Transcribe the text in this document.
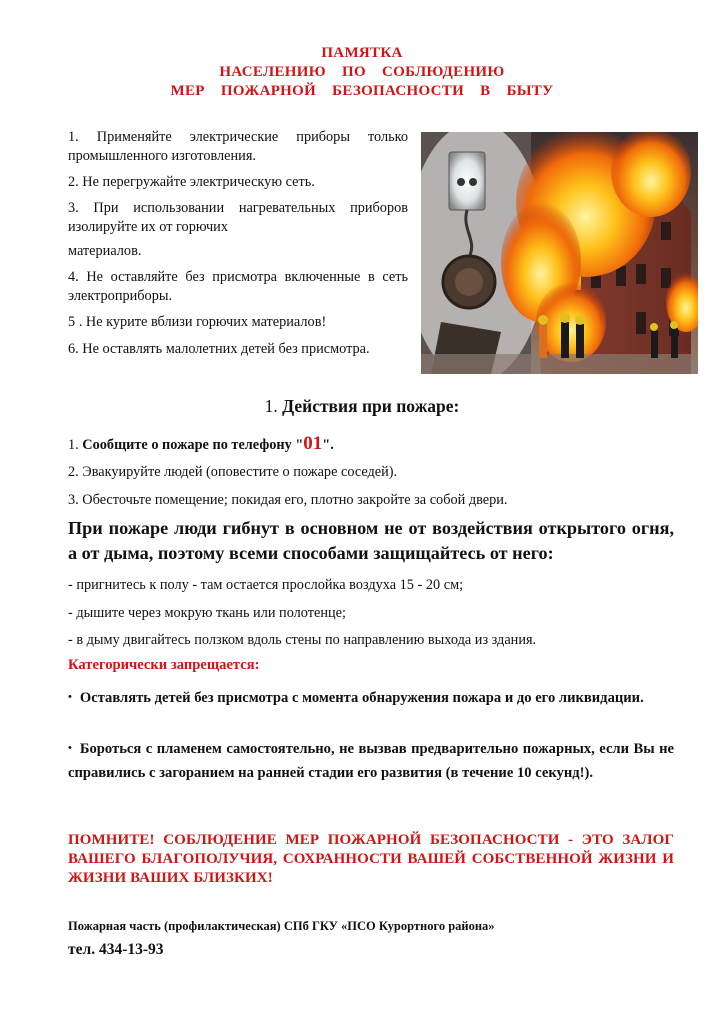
ПАМЯТКА
НАСЕЛЕНИЮ  ПО  СОБЛЮДЕНИЮ
МЕР  ПОЖАРНОЙ  БЕЗОПАСНОСТИ  В  БЫТУ

1. Применяйте электрические приборы только промышленного изготовления.

2. Не перегружайте электрическую сеть.

3. При использовании нагревательных приборов изолируйте их от горючих

материалов.

4. Не оставляйте без присмотра включенные в сеть электроприборы.

5 . Не курите вблизи горючих материалов!

6. Не оставлять малолетних детей без присмотра.

1. Действия при пожаре:
1. Сообщите о пожаре по телефону "01".
2. Эвакуируйте людей (оповестите о пожаре соседей).
3. Обесточьте помещение; покидая его, плотно закройте за собой двери.
При пожаре люди гибнут в основном не от воздействия открытого огня, а от дыма, поэтому всеми способами защищайтесь от него:
- пригнитесь к полу - там остается прослойка воздуха 15 - 20 см;
- дышите через мокрую ткань или полотенце;
- в дыму двигайтесь ползком вдоль стены по направлению выхода из здания.
Категорически запрещается:
• Оставлять детей без присмотра с момента обнаружения пожара и до его ликвидации.
• Бороться с пламенем самостоятельно, не вызвав предварительно пожарных, если Вы не справились с загоранием на ранней стадии его развития (в течение 10 секунд!).
ПОМНИТЕ! СОБЛЮДЕНИЕ МЕР ПОЖАРНОЙ БЕЗОПАСНОСТИ - ЭТО ЗАЛОГ ВАШЕГО БЛАГОПОЛУЧИЯ, СОХРАННОСТИ ВАШЕЙ СОБСТВЕННОЙ ЖИЗНИ И ЖИЗНИ ВАШИХ БЛИЗКИХ!
Пожарная часть (профилактическая) СПб ГКУ «ПСО Курортного района»
тел. 434-13-93
